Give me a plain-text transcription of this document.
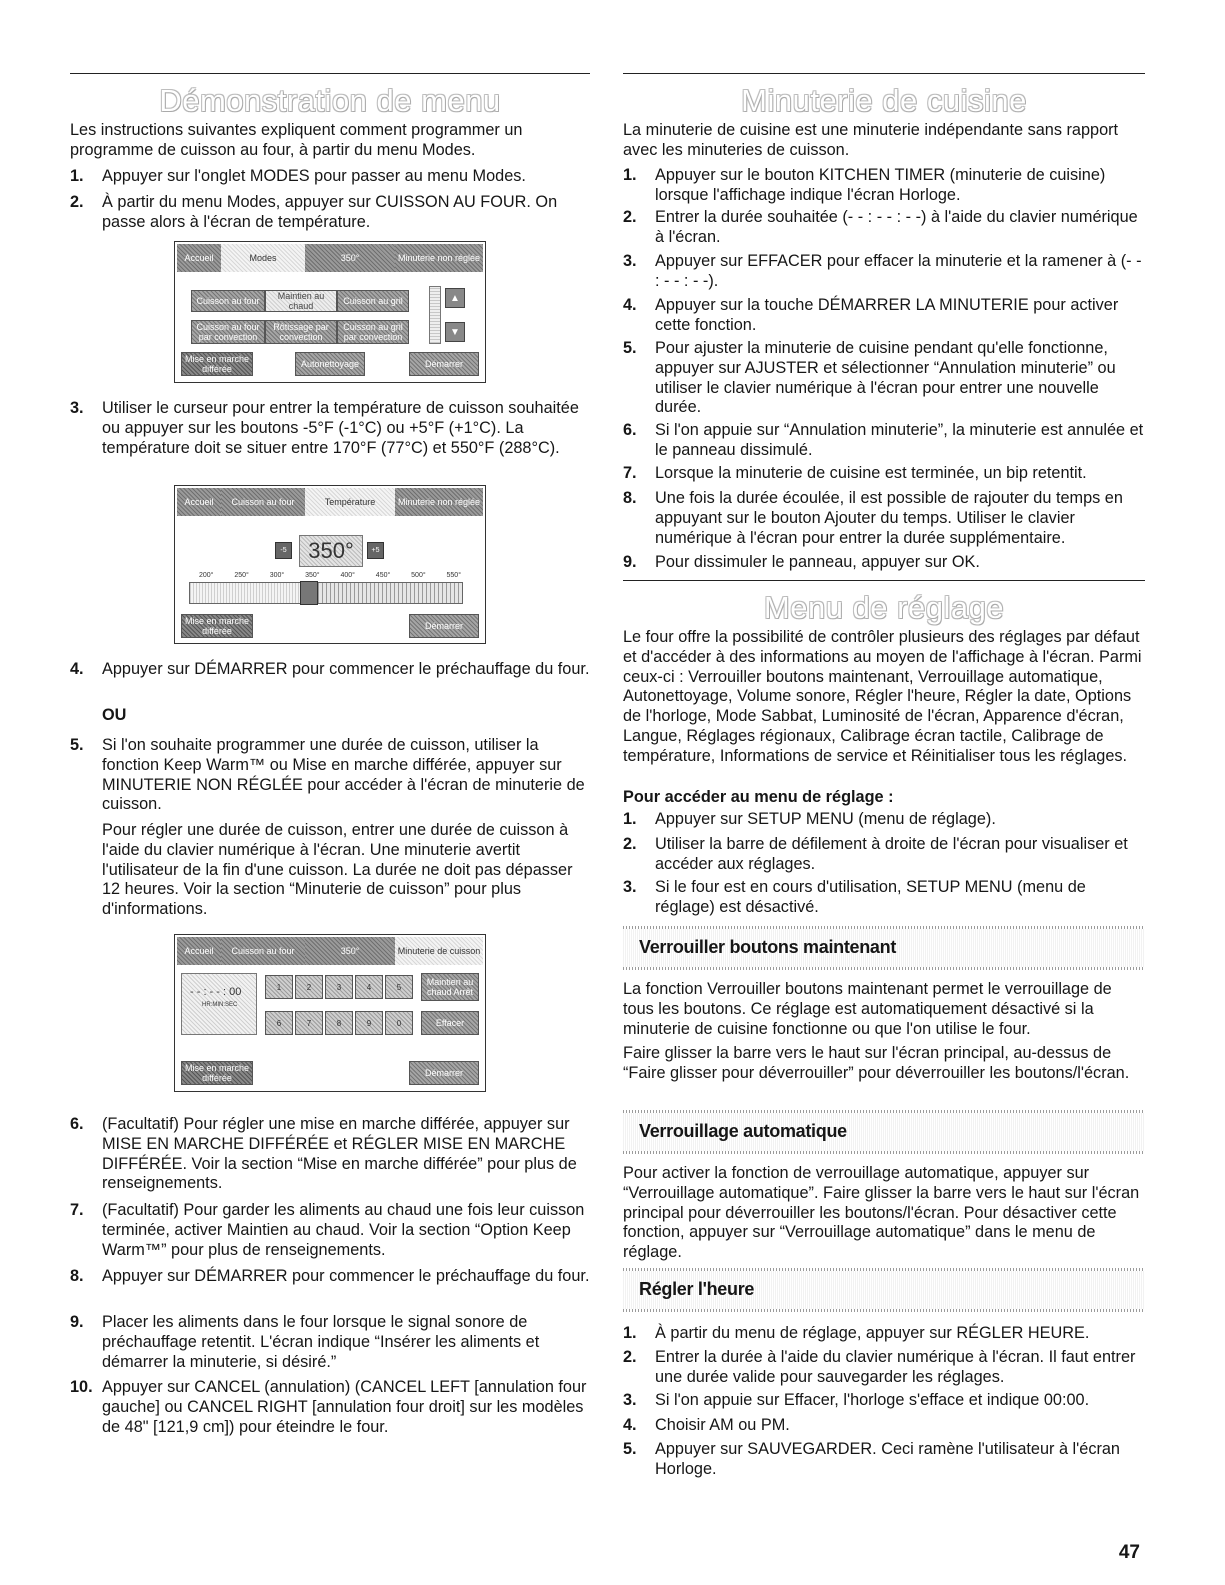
Démonstration de menu

Les instructions suivantes expliquent comment programmer un programme de cuisson au four, à partir du menu Modes.

1. Appuyer sur l'onglet MODES pour passer au menu Modes.
2. À partir du menu Modes, appuyer sur CUISSON AU FOUR. On passe alors à l'écran de température.
Accueil	Modes	350°	Minuterie non réglée
Cuisson au four	Maintien au chaud	Cuisson au gril
Cuisson au four par convection
Rôtissage par convection
Cuisson au gril par convection
▲
▼
Mise en marche différée	Autonettoyage	Démarrer
3. Utiliser le curseur pour entrer la température de cuisson souhaitée ou appuyer sur les boutons -5°F (-1°C) ou +5°F (+1°C). La température doit se situer entre 170°F (77°C) et 550°F (288°C).
Accueil	Cuisson au four	Température	Minuterie non réglée
-5 350°	+5
200°	250°	300°	350°	400°	450°	500°	550°
Mise en marche différée	Démarrer
4. Appuyer sur DÉMARRER pour commencer le préchauffage du four.
OU
5. Si l'on souhaite programmer une durée de cuisson, utiliser la fonction Keep Warm™ ou Mise en marche différée, appuyer sur MINUTERIE NON RÉGLÉE pour accéder à l'écran de minuterie de cuisson.

Pour régler une durée de cuisson, entrer une durée de cuisson à l'aide du clavier numérique à l'écran. Une minuterie avertit l'utilisateur de la fin d'une cuisson. La durée ne doit pas dépasser 12 heures. Voir la section “Minuterie de cuisson” pour plus d'informations.

Accueil	Cuisson au four	350°	Minuterie de cuisson
- - : - - : 00
HR:MIN:SEC
1	2	3	4	5
6	7	8	9	0
Maintien au chaud Arrêt
Effacer
Mise en marche différée	Démarrer
6. (Facultatif) Pour régler une mise en marche différée, appuyer sur MISE EN MARCHE DIFFÉRÉE et RÉGLER MISE EN MARCHE DIFFÉRÉE. Voir la section “Mise en marche différée” pour plus de renseignements.
7. (Facultatif) Pour garder les aliments au chaud une fois leur cuisson terminée, activer Maintien au chaud. Voir la section “Option Keep Warm™” pour plus de renseignements.
8. Appuyer sur DÉMARRER pour commencer le préchauffage du four.
9. Placer les aliments dans le four lorsque le signal sonore de préchauffage retentit. L'écran indique “Insérer les aliments et démarrer la minuterie, si désiré.”
10. Appuyer sur CANCEL (annulation) (CANCEL LEFT [annulation four gauche] ou CANCEL RIGHT [annulation four droit] sur les modèles de 48" [121,9 cm]) pour éteindre le four.
Minuterie de cuisine

La minuterie de cuisine est une minuterie indépendante sans rapport avec les minuteries de cuisson.

1. Appuyer sur le bouton KITCHEN TIMER (minuterie de cuisine) lorsque l'affichage indique l'écran Horloge.
2. Entrer la durée souhaitée (- - : - - : - -) à l'aide du clavier numérique à l'écran.
3. Appuyer sur EFFACER pour effacer la minuterie et la ramener à (- - : - - : - -).
4. Appuyer sur la touche DÉMARRER LA MINUTERIE pour activer cette fonction.
5. Pour ajuster la minuterie de cuisine pendant qu'elle fonctionne, appuyer sur AJUSTER et sélectionner “Annulation minuterie” ou utiliser le clavier numérique à l'écran pour entrer une nouvelle durée.
6. Si l'on appuie sur “Annulation minuterie”, la minuterie est annulée et le panneau dissimulé.
7. Lorsque la minuterie de cuisine est terminée, un bip retentit.
8. Une fois la durée écoulée, il est possible de rajouter du temps en appuyant sur le bouton Ajouter du temps. Utiliser le clavier numérique à l'écran pour entrer la durée supplémentaire.
9. Pour dissimuler le panneau, appuyer sur OK.
Menu de réglage

Le four offre la possibilité de contrôler plusieurs des réglages par défaut et d'accéder à des informations au moyen de l'affichage à l'écran. Parmi ceux-ci : Verrouiller boutons maintenant, Verrouillage automatique, Autonettoyage, Volume sonore, Régler l'heure, Régler la date, Options de l'horloge, Mode Sabbat, Luminosité de l'écran, Apparence d'écran, Langue, Réglages régionaux, Calibrage écran tactile, Calibrage de température, Informations de service et Réinitialiser tous les réglages.

Pour accéder au menu de réglage :
1. Appuyer sur SETUP MENU (menu de réglage).
2. Utiliser la barre de défilement à droite de l'écran pour visualiser et accéder aux réglages.
3. Si le four est en cours d'utilisation, SETUP MENU (menu de réglage) est désactivé.
Verrouiller boutons maintenant

La fonction Verrouiller boutons maintenant permet le verrouillage de tous les boutons. Ce réglage est automatiquement désactivé si la minuterie de cuisine fonctionne ou que l'on utilise le four.

Faire glisser la barre vers le haut sur l'écran principal, au-dessus de “Faire glisser pour déverrouiller” pour déverrouiller les boutons/l'écran.

Verrouillage automatique

Pour activer la fonction de verrouillage automatique, appuyer sur “Verrouillage automatique”. Faire glisser la barre vers le haut sur l'écran principal pour déverrouiller les boutons/l'écran. Pour désactiver cette fonction, appuyer sur “Verrouillage automatique” dans le menu de réglage.

Régler l'heure
1. À partir du menu de réglage, appuyer sur RÉGLER HEURE.
2. Entrer la durée à l'aide du clavier numérique à l'écran. Il faut entrer une durée valide pour sauvegarder les réglages.
3. Si l'on appuie sur Effacer, l'horloge s'efface et indique 00:00.
4. Choisir AM ou PM.
5. Appuyer sur SAUVEGARDER. Ceci ramène l'utilisateur à l'écran Horloge.
47
